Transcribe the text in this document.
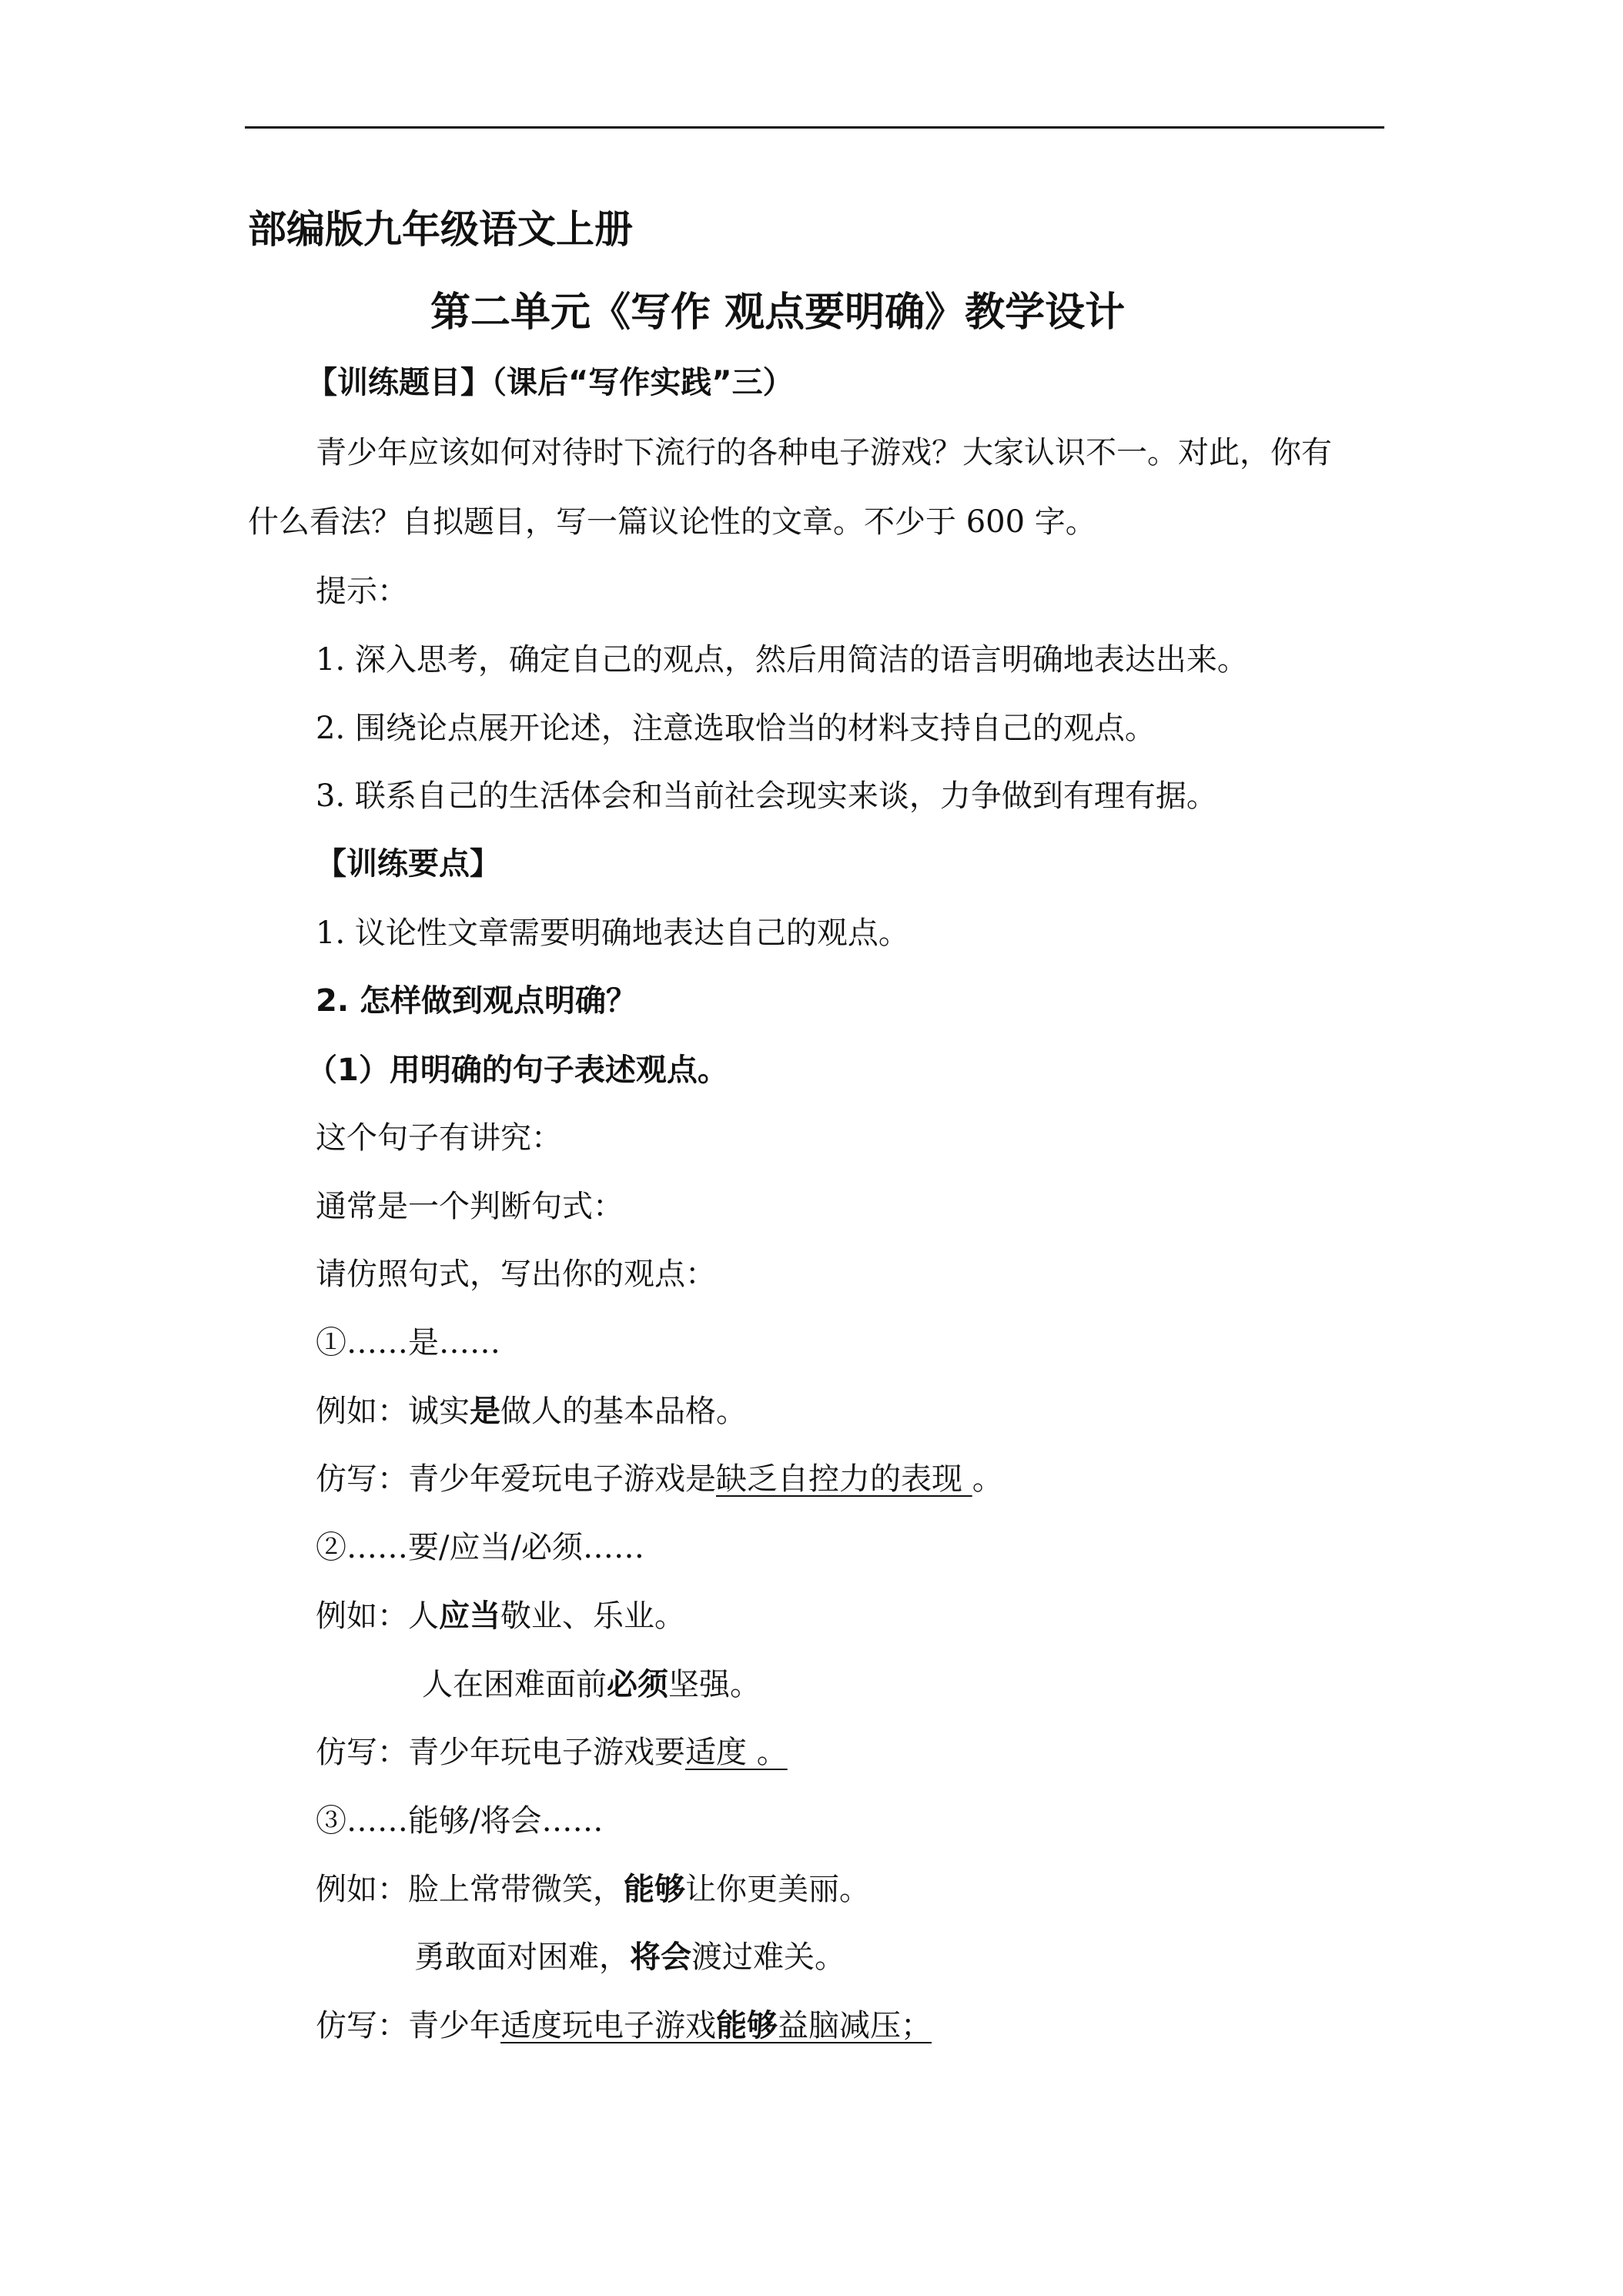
部编版九年级语文上册
第二单元《写作 观点要明确》教学设计
【训练题目】（课后“写作实践”三）
青少年应该如何对待时下流行的各种电子游戏？大家认识不一。对此，你有
什么看法？自拟题目，写一篇议论性的文章。不少于 600 字。
提示：
1. 深入思考，确定自己的观点，然后用简洁的语言明确地表达出来。
2. 围绕论点展开论述，注意选取恰当的材料支持自己的观点。
3. 联系自己的生活体会和当前社会现实来谈，力争做到有理有据。
【训练要点】
1. 议论性文章需要明确地表达自己的观点。
2. 怎样做到观点明确？
（1）用明确的句子表述观点。
这个句子有讲究：
通常是一个判断句式：
请仿照句式，写出你的观点：
①……是……
例如：诚实是做人的基本品格。
仿写：青少年爱玩电子游戏是缺乏自控力的表现 。
②……要/应当/必须……
例如：人应当敬业、乐业。
人在困难面前必须坚强。
仿写：青少年玩电子游戏要适度 。
③……能够/将会……
例如：脸上常带微笑，能够让你更美丽。
勇敢面对困难，将会渡过难关。
仿写：青少年适度玩电子游戏能够益脑减压；
